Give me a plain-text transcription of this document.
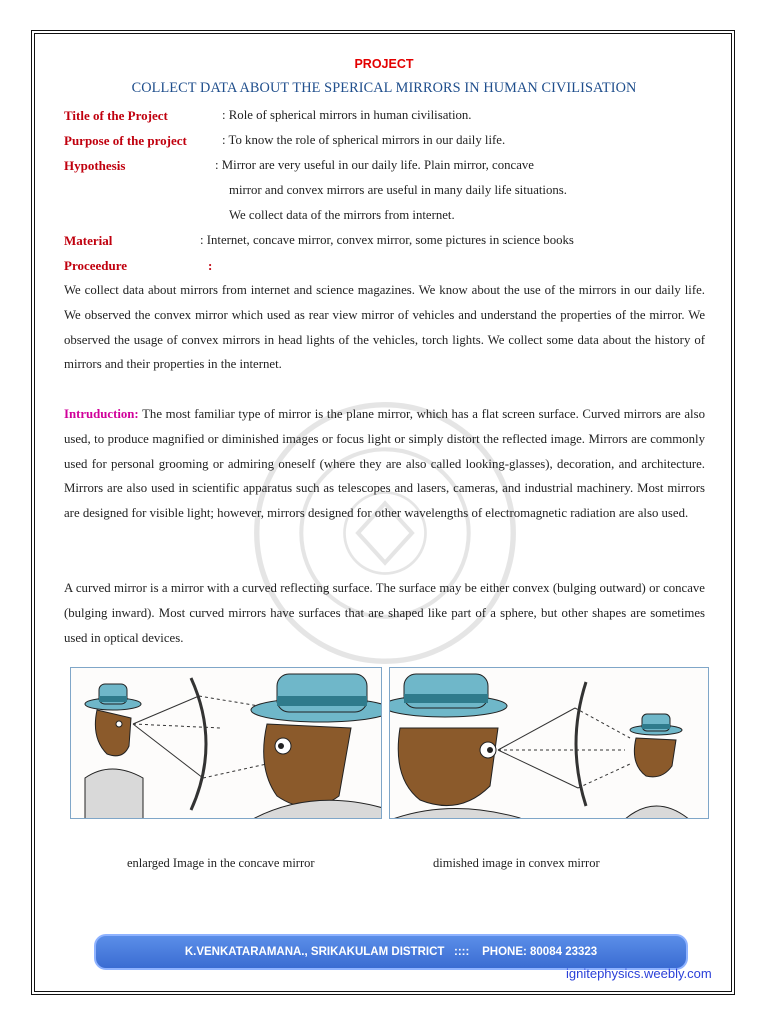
PROJECT
COLLECT DATA ABOUT THE SPERICAL MIRRORS IN HUMAN CIVILISATION
Title of the Project	: Role of spherical mirrors in human civilisation.
Purpose of the project	: To know the role of spherical mirrors in our daily life.
Hypothesis	: Mirror are very useful in our daily life. Plain mirror, concave
mirror and convex mirrors are useful in many daily life situations.
We collect data of the mirrors from internet.
Material	: Internet, concave mirror, convex mirror, some pictures in science books
Proceedure	:
We collect data about mirrors from internet and science magazines. We know about the use of the mirrors in our daily life. We observed the convex mirror which used as rear view mirror of vehicles and understand the properties of the mirror. We observed the usage of convex mirrors in head lights of the vehicles, torch lights. We collect some data about the history of mirrors and their properties in the internet.
Intruduction: The most familiar type of mirror is the plane mirror, which has a flat screen surface. Curved mirrors are also used, to produce magnified or diminished images or focus light or simply distort the reflected image. Mirrors are commonly used for personal grooming or admiring oneself (where they are also called looking-glasses), decoration, and architecture. Mirrors are also used in scientific apparatus such as telescopes and lasers, cameras, and industrial machinery. Most mirrors are designed for visible light; however, mirrors designed for other wavelengths of electromagnetic radiation are also used.
A curved mirror is a mirror with a curved reflecting surface. The surface may be either convex (bulging outward) or concave (bulging inward). Most curved mirrors have surfaces that are shaped like part of a sphere, but other shapes are sometimes used in optical devices.
enlarged Image in the concave mirror	dimished image in convex mirror
K.VENKATARAMANA., SRIKAKULAM DISTRICT   ::::    PHONE: 80084 23323
ignitephysics.weebly.com
